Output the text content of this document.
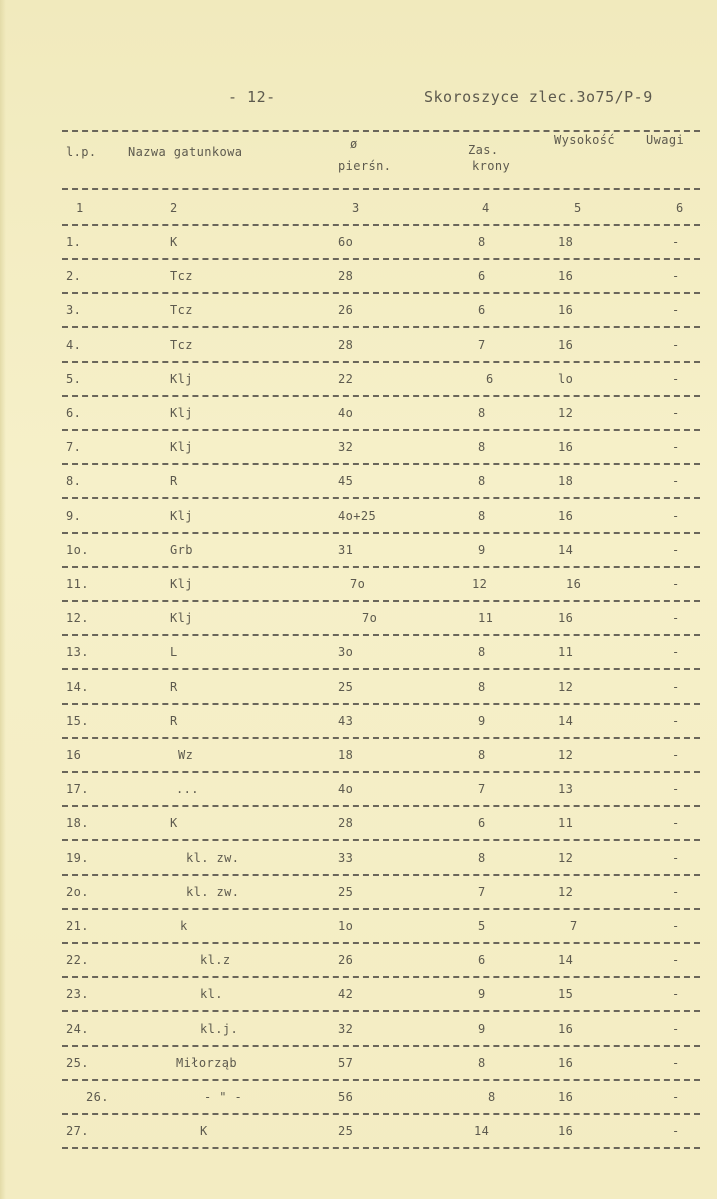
- 12-	Skoroszyce zlec.3o75/P-9
l.p.	Nazwa gatunkowa
ø
pierśn.
Zas.
krony
Wysokość	Uwagi
1	2	3	4	5	6
1.	K	6o	8	18	-
2.	Tcz	28	6	16	-
3.	Tcz	26	6	16	-
4.	Tcz	28	7	16	-
5.	Klj	22	6	lo	-
6.	Klj	4o	8	12	-
7.	Klj	32	8	16	-
8.	R	45	8	18	-
9.	Klj	4o+25	8	16	-
1o.	Grb	31	9	14	-
11.	Klj	7o	12	16	-
12.	Klj	7o	11	16	-
13.	L	3o	8	11	-
14.	R	25	8	12	-
15.	R	43	9	14	-
16	Wz	18	8	12	-
17.	...	4o	7	13	-
18.	K	28	6	11	-
19.	kl. zw.	33	8	12	-
2o.	kl. zw.	25	7	12	-
21.	k	1o	5	7	-
22.	kl.z	26	6	14	-
23.	kl.	42	9	15	-
24.	kl.j.	32	9	16	-
25.	Miłorząb	57	8	16	-
26.	- " -	56	8	16	-
27.	K	25	14	16	-
